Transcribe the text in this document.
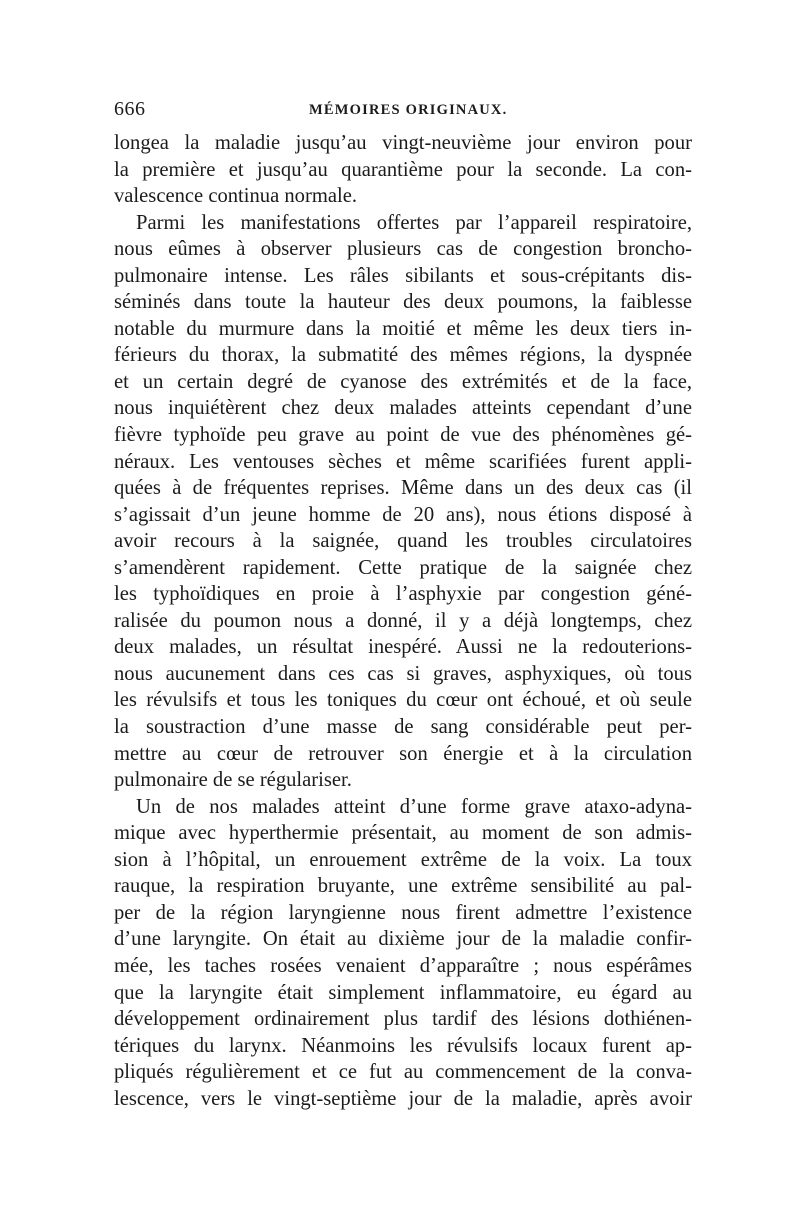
666	MÉMOIRES ORIGINAUX.
longea la maladie jusqu’au vingt-neuvième jour environ pour
la première et jusqu’au quarantième pour la seconde. La con-
valescence continua normale.
Parmi les manifestations offertes par l’appareil respiratoire,
nous eûmes à observer plusieurs cas de congestion broncho-
pulmonaire intense. Les râles sibilants et sous-crépitants dis-
séminés dans toute la hauteur des deux poumons, la faiblesse
notable du murmure dans la moitié et même les deux tiers in-
férieurs du thorax, la submatité des mêmes régions, la dyspnée
et un certain degré de cyanose des extrémités et de la face,
nous inquiétèrent chez deux malades atteints cependant d’une
fièvre typhoïde peu grave au point de vue des phénomènes gé-
néraux. Les ventouses sèches et même scarifiées furent appli-
quées à de fréquentes reprises. Même dans un des deux cas (il
s’agissait d’un jeune homme de 20 ans), nous étions disposé à
avoir recours à la saignée, quand les troubles circulatoires
s’amendèrent rapidement. Cette pratique de la saignée chez
les typhoïdiques en proie à l’asphyxie par congestion géné-
ralisée du poumon nous a donné, il y a déjà longtemps, chez
deux malades, un résultat inespéré. Aussi ne la redouterions-
nous aucunement dans ces cas si graves, asphyxiques, où tous
les révulsifs et tous les toniques du cœur ont échoué, et où seule
la soustraction d’une masse de sang considérable peut per-
mettre au cœur de retrouver son énergie et à la circulation
pulmonaire de se régulariser.
Un de nos malades atteint d’une forme grave ataxo-adyna-
mique avec hyperthermie présentait, au moment de son admis-
sion à l’hôpital, un enrouement extrême de la voix. La toux
rauque, la respiration bruyante, une extrême sensibilité au pal-
per de la région laryngienne nous firent admettre l’existence
d’une laryngite. On était au dixième jour de la maladie confir-
mée, les taches rosées venaient d’apparaître ; nous espérâmes
que la laryngite était simplement inflammatoire, eu égard au
développement ordinairement plus tardif des lésions dothiénen-
tériques du larynx. Néanmoins les révulsifs locaux furent ap-
pliqués régulièrement et ce fut au commencement de la conva-
lescence, vers le vingt-septième jour de la maladie, après avoir
